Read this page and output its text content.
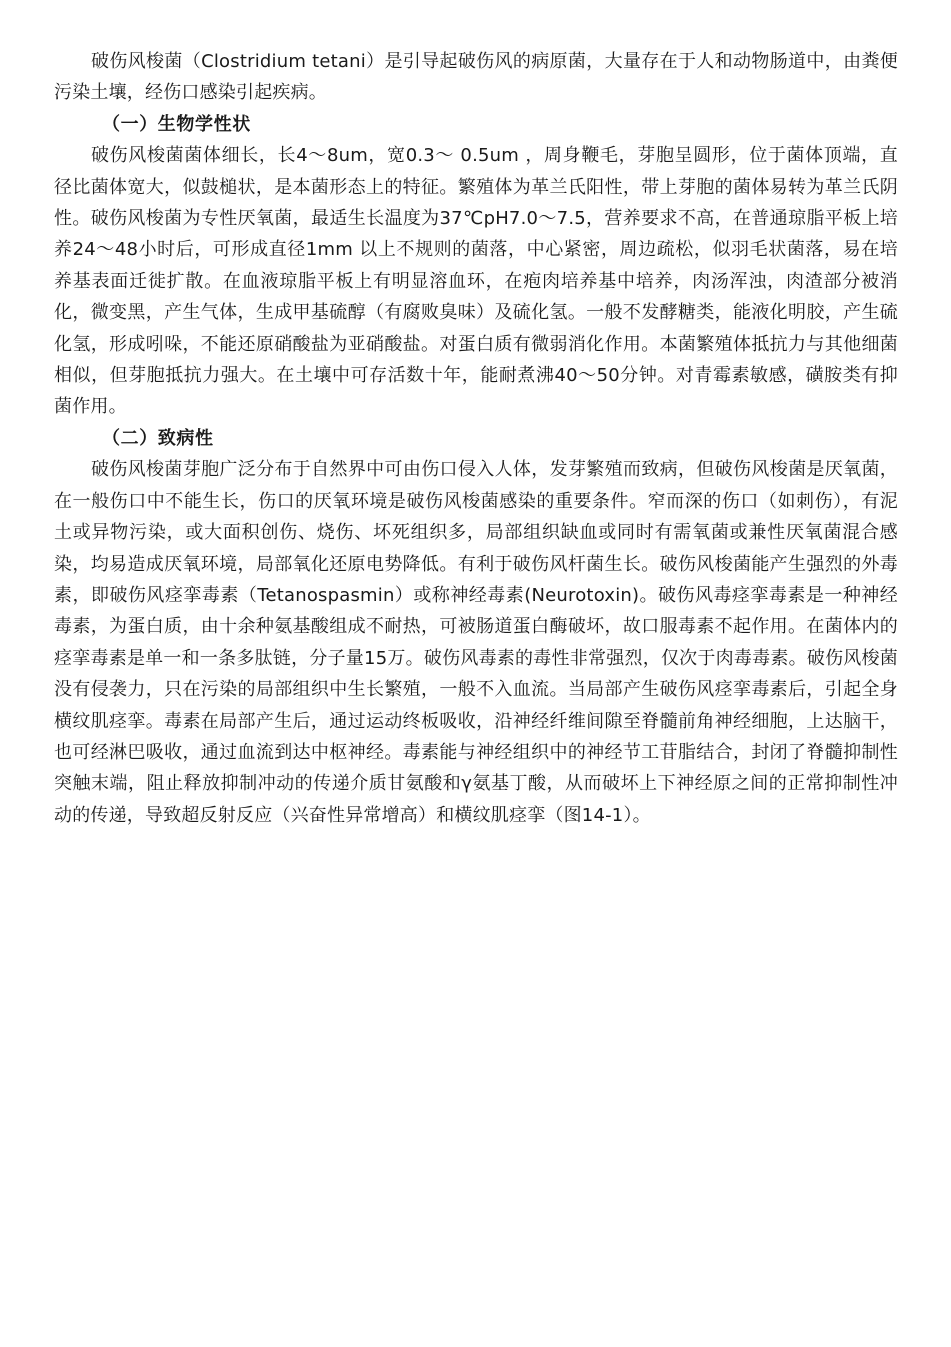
破伤风梭菌（Clostridium tetani）是引导起破伤风的病原菌，大量存在于人和动物肠道中，由粪便污染土壤，经伤口感染引起疾病。

（一）生物学性状

破伤风梭菌菌体细长，长4～8um，宽0.3～ 0.5um ，周身鞭毛，芽胞呈圆形，位于菌体顶端，直径比菌体宽大，似鼓槌状，是本菌形态上的特征。繁殖体为革兰氏阳性，带上芽胞的菌体易转为革兰氏阴性。破伤风梭菌为专性厌氧菌，最适生长温度为37℃pH7.0～7.5，营养要求不高，在普通琼脂平板上培养24～48小时后，可形成直径1mm 以上不规则的菌落，中心紧密，周边疏松，似羽毛状菌落，易在培养基表面迁徙扩散。在血液琼脂平板上有明显溶血环，在疱肉培养基中培养，肉汤浑浊，肉渣部分被消化，微变黑，产生气体，生成甲基硫醇（有腐败臭味）及硫化氢。一般不发酵糖类，能液化明胶，产生硫化氢，形成吲哚，不能还原硝酸盐为亚硝酸盐。对蛋白质有微弱消化作用。本菌繁殖体抵抗力与其他细菌相似，但芽胞抵抗力强大。在土壤中可存活数十年，能耐煮沸40～50分钟。对青霉素敏感，磺胺类有抑菌作用。

（二）致病性

破伤风梭菌芽胞广泛分布于自然界中可由伤口侵入人体，发芽繁殖而致病，但破伤风梭菌是厌氧菌，在一般伤口中不能生长，伤口的厌氧环境是破伤风梭菌感染的重要条件。窄而深的伤口（如刺伤），有泥土或异物污染，或大面积创伤、烧伤、坏死组织多，局部组织缺血或同时有需氧菌或兼性厌氧菌混合感染，均易造成厌氧环境，局部氧化还原电势降低。有利于破伤风杆菌生长。破伤风梭菌能产生强烈的外毒素，即破伤风痉挛毒素（Tetanospasmin）或称神经毒素(Neurotoxin)。破伤风毒痉挛毒素是一种神经毒素，为蛋白质，由十余种氨基酸组成不耐热，可被肠道蛋白酶破坏，故口服毒素不起作用。在菌体内的痉挛毒素是单一和一条多肽链，分子量15万。破伤风毒素的毒性非常强烈，仅次于肉毒毒素。破伤风梭菌没有侵袭力，只在污染的局部组织中生长繁殖，一般不入血流。当局部产生破伤风痉挛毒素后，引起全身横纹肌痉挛。毒素在局部产生后，通过运动终板吸收，沿神经纤维间隙至脊髓前角神经细胞，上达脑干，也可经淋巴吸收，通过血流到达中枢神经。毒素能与神经组织中的神经节工苷脂结合，封闭了脊髓抑制性突触末端，阻止释放抑制冲动的传递介质甘氨酸和γ氨基丁酸，从而破坏上下神经原之间的正常抑制性冲动的传递，导致超反射反应（兴奋性异常增高）和横纹肌痉挛（图14-1）。
